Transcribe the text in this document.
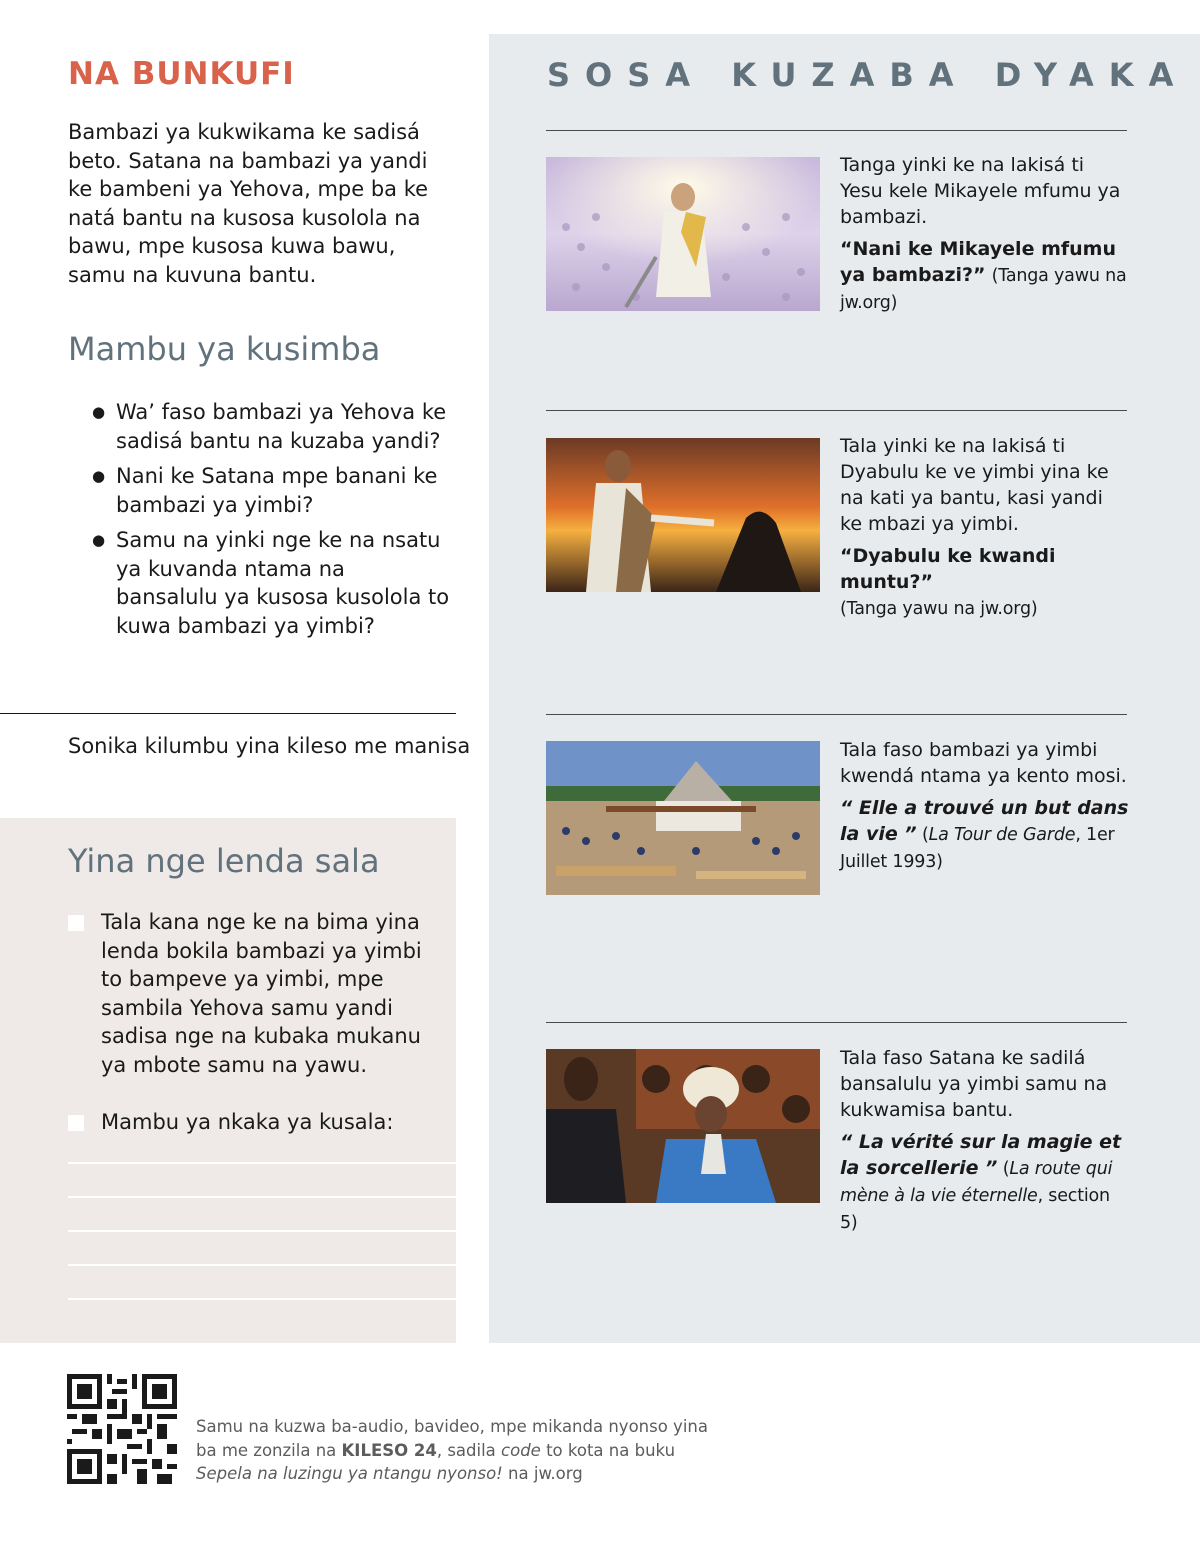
NA BUNKUFI

Bambazi ya kukwikama ke sadisá beto. Satana na bambazi ya yandi ke bambeni ya Yehova, mpe ba ke natá bantu na kusosa kusolola na bawu, mpe kusosa kuwa bawu, samu na kuvuna bantu.

Mambu ya kusimba
● Wa’ faso bambazi ya Yehova ke sadisá bantu na kuzaba yandi?
● Nani ke Satana mpe banani ke bambazi ya yimbi?
● Samu na yinki nge ke na nsatu ya kuvanda ntama na bansalulu ya kusosa kusolola to kuwa bambazi ya yimbi?

Sonika kilumbu yina kileso me manisa

Yina nge lenda sala
Tala kana nge ke na bima yina lenda bokila bambazi ya yimbi to bampeve ya yimbi, mpe sambila Yehova samu yandi sadisa nge na kubaka mukanu ya mbote samu na yawu.
Mambu ya nkaka ya kusala:
SOSA KUZABA DYAKA

Tanga yinki ke na lakisá ti Yesu kele Mikayele mfumu ya bambazi.
“Nani ke Mikayele mfumu ya bambazi?” (Tanga yawu na jw.org)

Tala yinki ke na lakisá ti Dyabulu ke ve yimbi yina ke na kati ya bantu, kasi yandi ke mbazi ya yimbi.
“Dyabulu ke kwandi muntu?”
(Tanga yawu na jw.org)

Tala faso bambazi ya yimbi kwendá ntama ya kento mosi.
“ Elle a trouvé un but dans la vie ” (La Tour de Garde, 1er Juillet 1993)

Tala faso Satana ke sadilá bansalulu ya yimbi samu na kukwamisa bantu.
“ La vérité sur la magie et la sorcellerie ” (La route qui mène à la vie éternelle, section 5)

Samu na kuzwa ba-audio, bavideo, mpe mikanda nyonso yina ba me zonzila na KILESO 24, sadila code to kota na buku Sepela na luzingu ya ntangu nyonso! na jw.org
